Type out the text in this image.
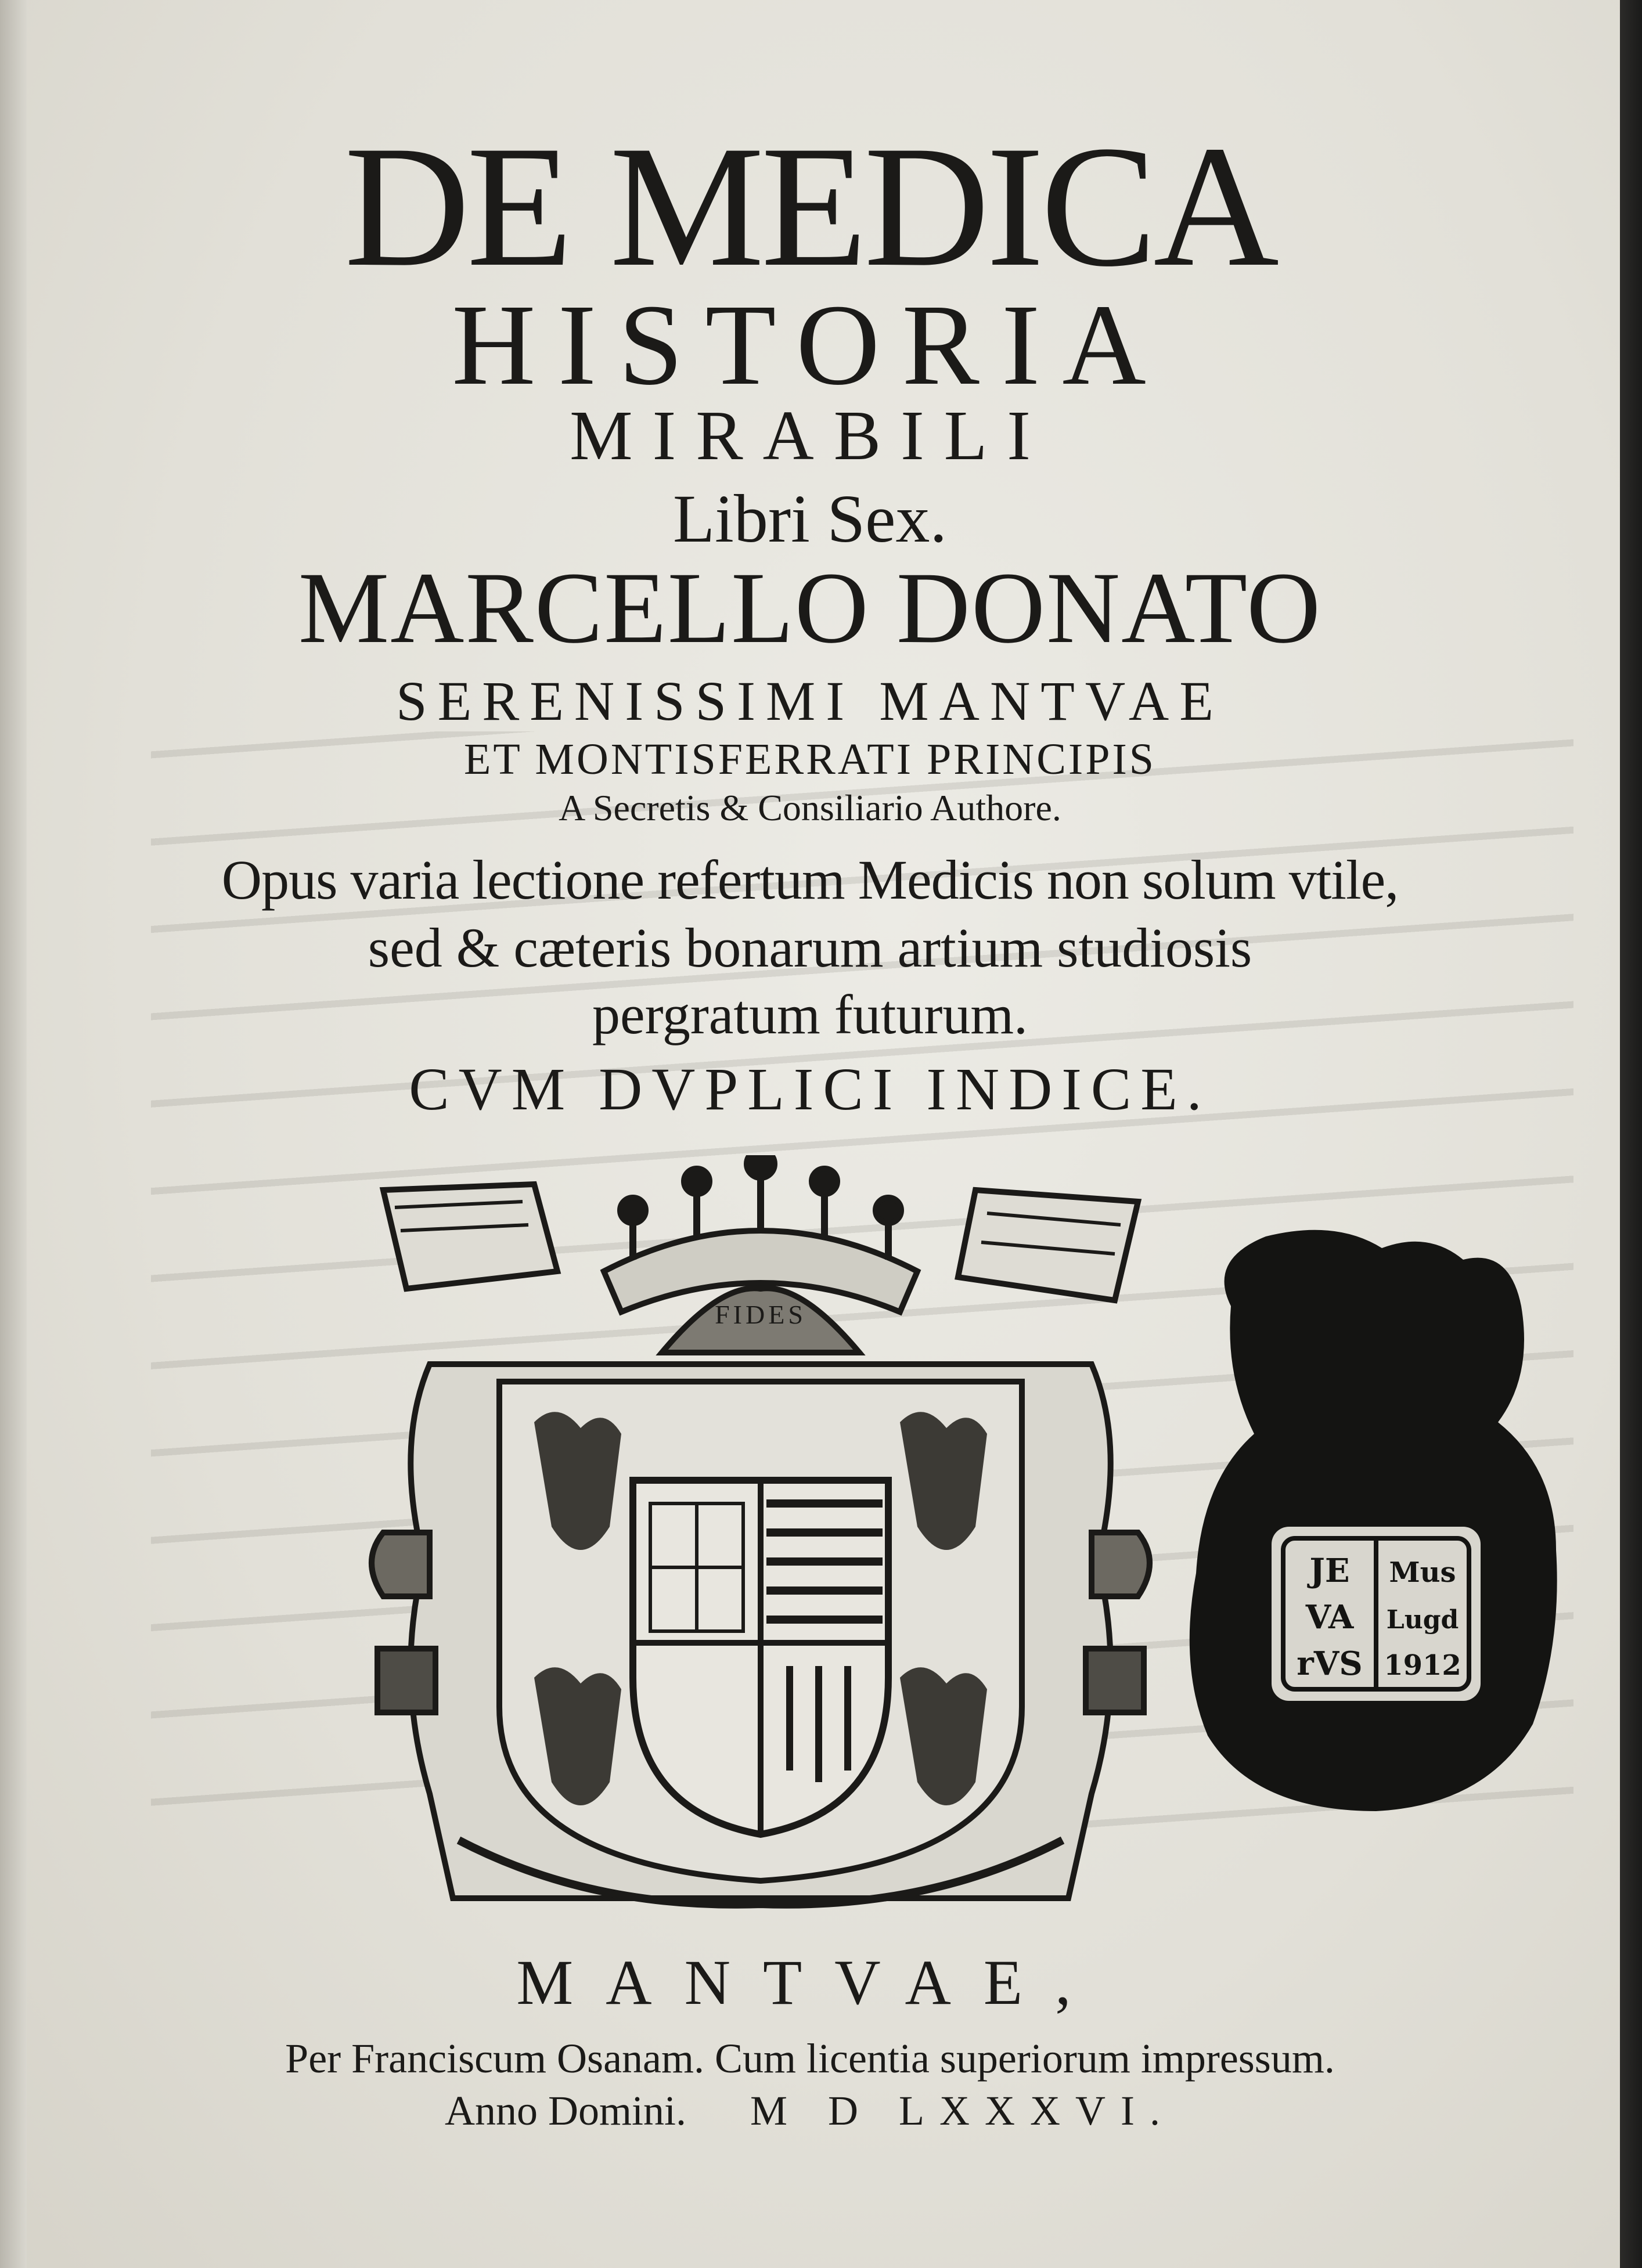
DE MEDICA
HISTORIA
MIRABILI
Libri Sex.
MARCELLO DONATO
SERENISSIMI MANTVAE
ET MONTISFERRATI PRINCIPIS
A Secretis & Consiliario Authore.
Opus varia lectione refertum Medicis non solum vtile,
sed & cæteris bonarum artium studiosis
pergratum futurum.
CVM DVPLICI INDICE.
FIDES
JE Mus
VA Lugd
rVS 1912
MANTVAE,
Per Franciscum Osanam. Cum licentia superiorum impressum.
Anno Domini. M D LXXXVI.
